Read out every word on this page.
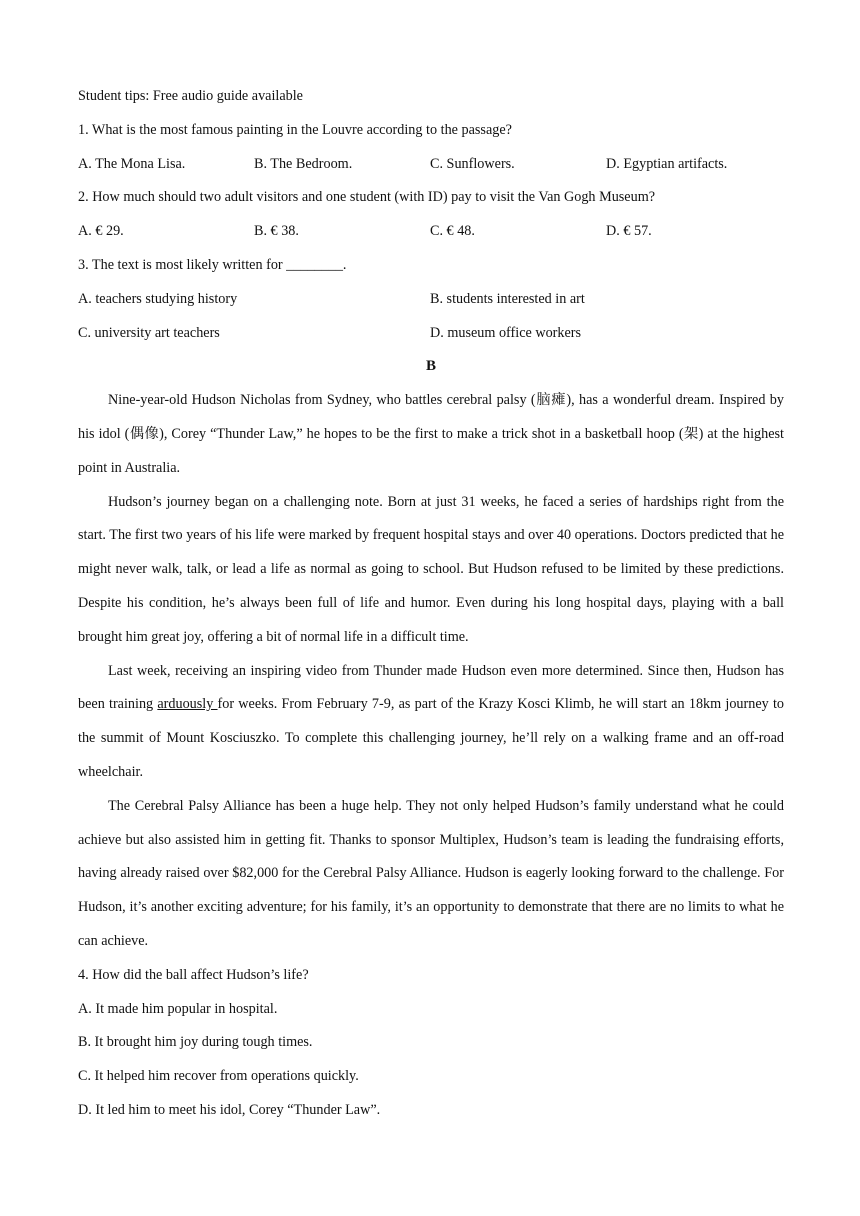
Student tips: Free audio guide available
1. What is the most famous painting in the Louvre according to the passage?
A. The Mona Lisa.	B. The Bedroom.	C. Sunflowers.	D. Egyptian artifacts.
2. How much should two adult visitors and one student (with ID) pay to visit the Van Gogh Museum?
A. € 29.	B. € 38.	C. € 48.	D. € 57.
3. The text is most likely written for ________.
A. teachers studying history	B. students interested in art
C. university art teachers	D. museum office workers
B

Nine-year-old Hudson Nicholas from Sydney, who battles cerebral palsy (脑瘫), has a wonderful dream. Inspired by his idol (偶像), Corey “Thunder Law,” he hopes to be the first to make a trick shot in a basketball hoop (架) at the highest point in Australia.

Hudson’s journey began on a challenging note. Born at just 31 weeks, he faced a series of hardships right from the start. The first two years of his life were marked by frequent hospital stays and over 40 operations. Doctors predicted that he might never walk, talk, or lead a life as normal as going to school. But Hudson refused to be limited by these predictions. Despite his condition, he’s always been full of life and humor. Even during his long hospital days, playing with a ball brought him great joy, offering a bit of normal life in a difficult time.

Last week, receiving an inspiring video from Thunder made Hudson even more determined. Since then, Hudson has been training arduously for weeks. From February 7-9, as part of the Krazy Kosci Klimb, he will start an 18km journey to the summit of Mount Kosciuszko. To complete this challenging journey, he’ll rely on a walking frame and an off-road wheelchair.

The Cerebral Palsy Alliance has been a huge help. They not only helped Hudson’s family understand what he could achieve but also assisted him in getting fit. Thanks to sponsor Multiplex, Hudson’s team is leading the fundraising efforts, having already raised over $82,000 for the Cerebral Palsy Alliance. Hudson is eagerly looking forward to the challenge. For Hudson, it’s another exciting adventure; for his family, it’s an opportunity to demonstrate that there are no limits to what he can achieve.

4. How did the ball affect Hudson’s life?
A. It made him popular in hospital.
B. It brought him joy during tough times.
C. It helped him recover from operations quickly.
D. It led him to meet his idol, Corey “Thunder Law”.
